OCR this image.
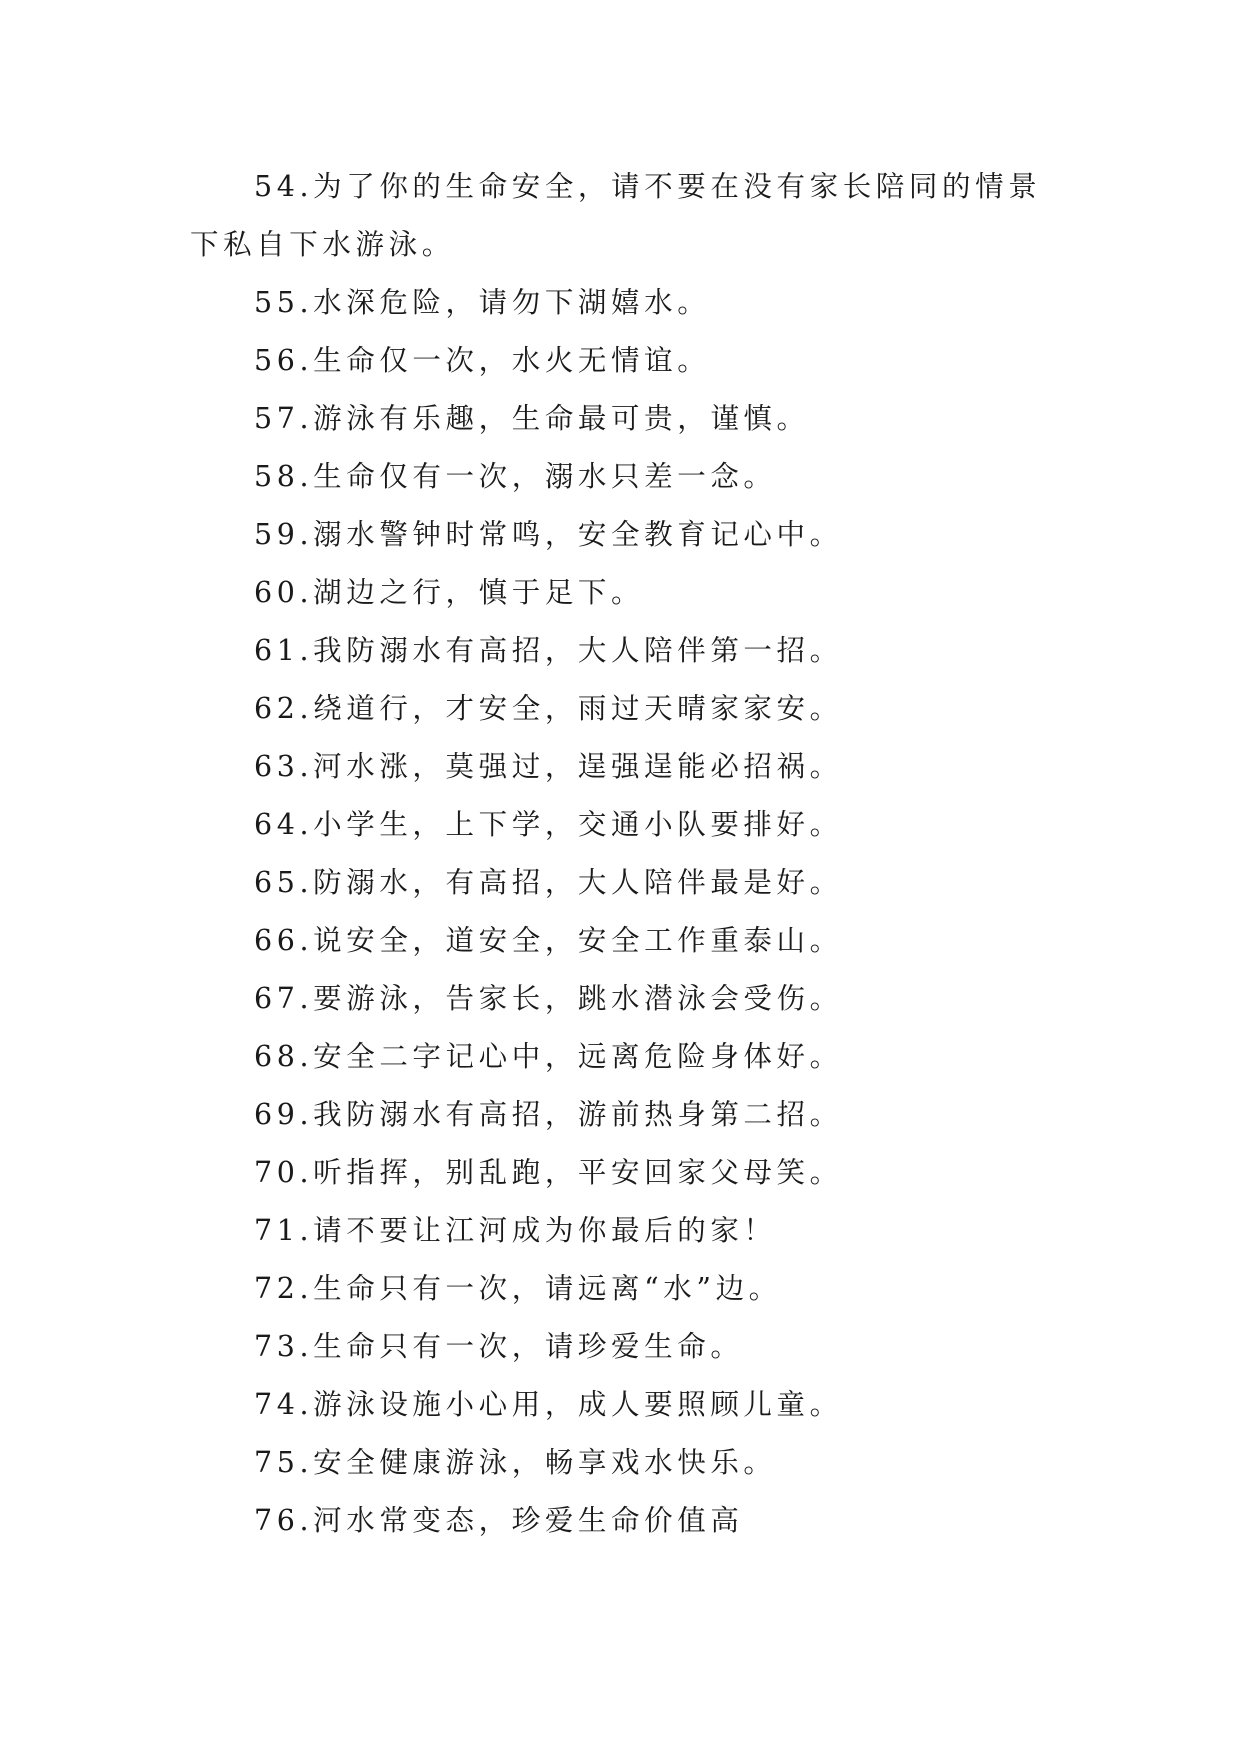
54.为了你的生命安全，请不要在没有家长陪同的情景下私自下水游泳。

55.水深危险，请勿下湖嬉水。

56.生命仅一次，水火无情谊。

57.游泳有乐趣，生命最可贵，谨慎。

58.生命仅有一次，溺水只差一念。

59.溺水警钟时常鸣，安全教育记心中。

60.湖边之行，慎于足下。

61.我防溺水有高招，大人陪伴第一招。

62.绕道行，才安全，雨过天晴家家安。

63.河水涨，莫强过，逞强逞能必招祸。

64.小学生，上下学，交通小队要排好。

65.防溺水，有高招，大人陪伴最是好。

66.说安全，道安全，安全工作重泰山。

67.要游泳，告家长，跳水潜泳会受伤。

68.安全二字记心中，远离危险身体好。

69.我防溺水有高招，游前热身第二招。

70.听指挥，别乱跑，平安回家父母笑。

71.请不要让江河成为你最后的家！

72.生命只有一次，请远离“水”边。

73.生命只有一次，请珍爱生命。

74.游泳设施小心用，成人要照顾儿童。

75.安全健康游泳，畅享戏水快乐。

76.河水常变态，珍爱生命价值高
